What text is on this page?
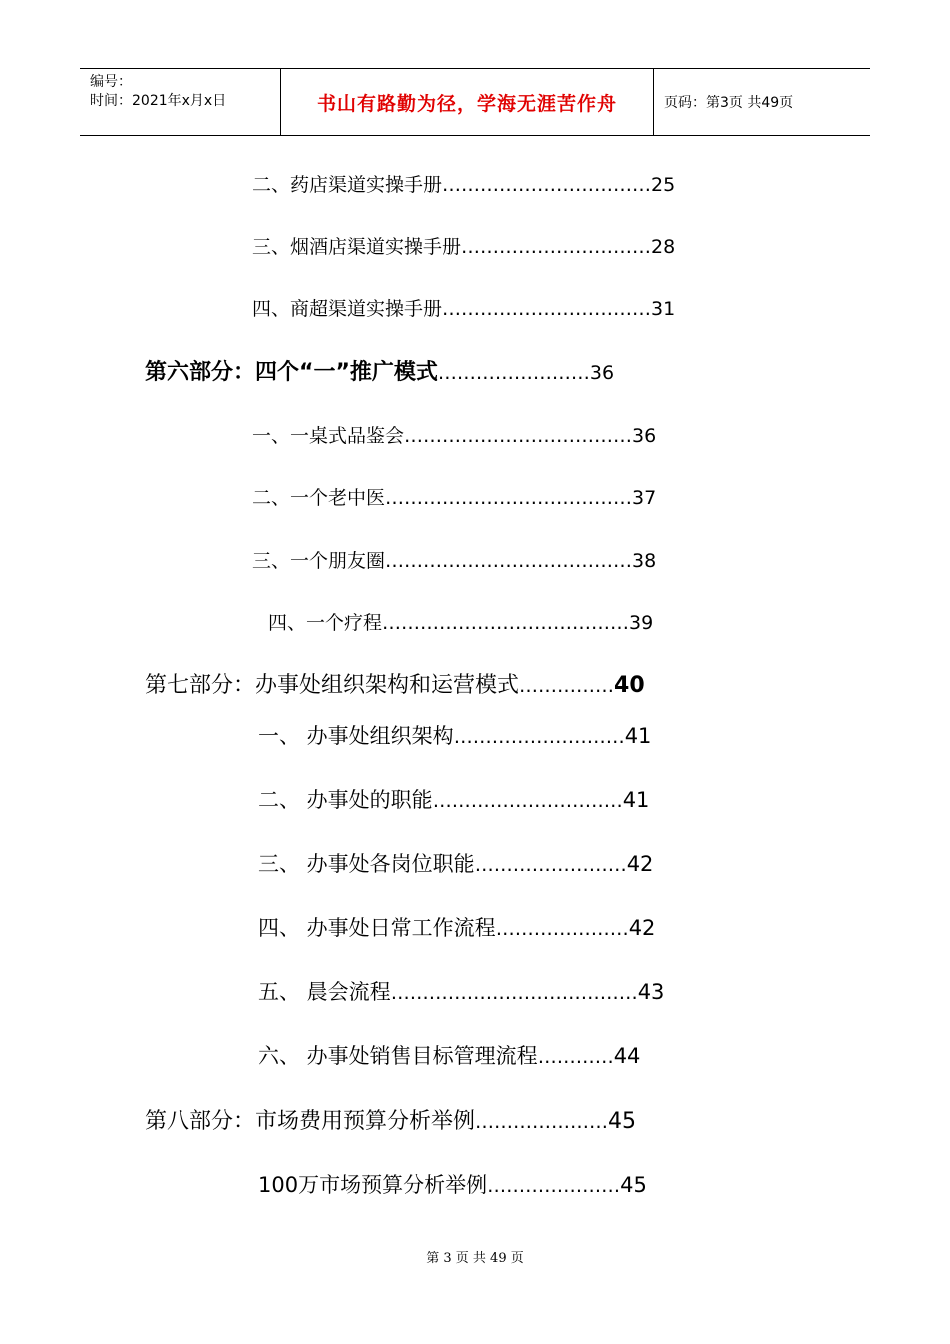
编号：
时间：2021年x月x日	书山有路勤为径，学海无涯苦作舟	页码：第3页 共49页
二、药店渠道实操手册……………………………25
三、烟酒店渠道实操手册…………………………28
四、商超渠道实操手册……………………………31
第六部分：四个“一”推广模式……………………36
一、一桌式品鉴会………………………………36
二、一个老中医…………………………………37
三、一个朋友圈…………………………………38
四、一个疗程…………………………………39
第七部分：办事处组织架构和运营模式……………40
一、 办事处组织架构………………………41
二、 办事处的职能…………………………41
三、 办事处各岗位职能……………………42
四、 办事处日常工作流程…………………42
五、 晨会流程…………………………………43
六、 办事处销售目标管理流程…………44
第八部分：市场费用预算分析举例…………………45
100万市场预算分析举例…………………45
第 3 页 共 49 页
